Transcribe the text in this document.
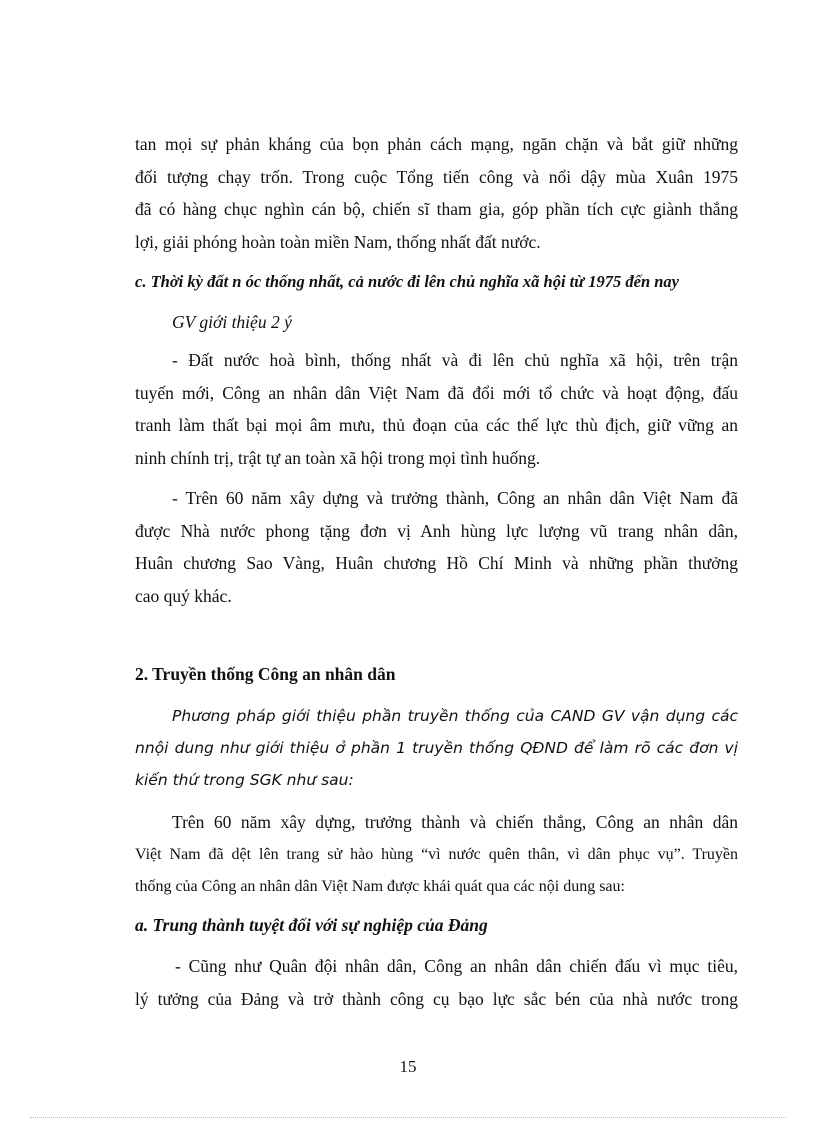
tan mọi sự phản kháng của bọn phản cách mạng, ngăn chặn và bắt giữ những
đối tượng chạy trốn. Trong cuộc Tổng tiến công và nổi dậy mùa Xuân 1975
đã có hàng chục nghìn cán bộ, chiến sĩ tham gia, góp phần tích cực giành thắng
lợi, giải phóng hoàn toàn miền Nam, thống nhất đất nước.
c. Thời kỳ đất n óc thống nhất, cả nước đi lên chủ nghĩa xã hội từ 1975 đến nay
GV giới thiệu 2 ý
- Đất nước hoà bình, thống nhất và đi lên chủ nghĩa xã hội, trên trận
tuyến mới, Công an nhân dân Việt Nam đã đổi mới tổ chức và hoạt động, đấu
tranh làm thất bại mọi âm mưu, thủ đoạn của các thế lực thù địch, giữ vững an
ninh chính trị, trật tự an toàn xã hội trong mọi tình huống.
- Trên 60 năm xây dựng và trưởng thành, Công an nhân dân Việt Nam đã
được Nhà nước phong tặng đơn vị Anh hùng lực lượng vũ trang nhân dân,
Huân chương Sao Vàng, Huân chương Hồ Chí Minh và những phần thưởng
cao quý khác.
2. Truyền thống Công an nhân dân
Phương pháp giới thiệu phần truyền thống của CAND GV vận dụng các
nnội dung như giới thiệu ở phần 1 truyền thống QĐND để làm rõ các đơn vị
kiến thứ trong SGK như sau:
Trên 60 năm xây dựng, trưởng thành và chiến thắng, Công an nhân dân
Việt Nam đã dệt lên trang sử hào hùng “vì nước quên thân, vì dân phục vụ”. Truyền
thống của Công an nhân dân Việt Nam được khái quát qua các nội dung sau:
a. Trung thành tuyệt đối với sự nghiệp của Đảng
- Cũng như Quân đội nhân dân, Công an nhân dân chiến đấu vì mục tiêu,
lý tưởng của Đảng và trở thành công cụ bạo lực sắc bén của nhà nước trong
15
